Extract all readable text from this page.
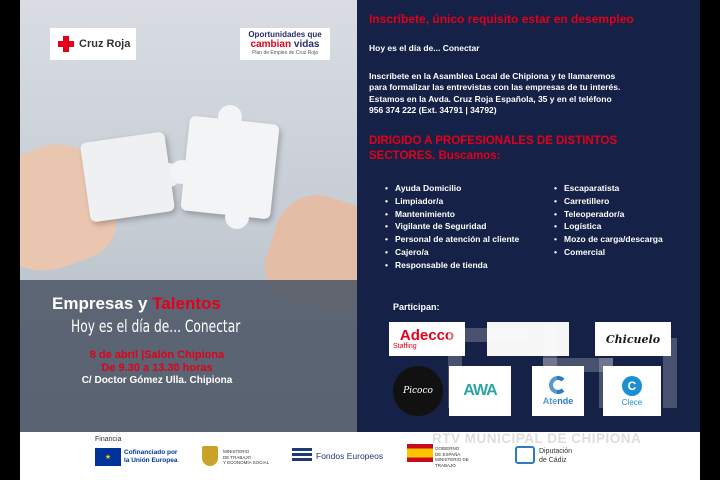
Cruz Roja
Oportunidades que
cambian vidas
Plan de Empleo de Cruz Roja
Empresas y Talentos
Hoy es el día de... Conectar
8 de abril |Salón Chipiona
De 9.30 a 13.30 horas
C/ Doctor Gómez Ulla. Chipiona
Inscríbete, único requisito estar en desempleo
Hoy es el día de... Conectar
Inscríbete en la Asamblea Local de Chipiona y te llamaremos
para formalizar las entrevistas con las empresas de tu interés.
Estamos en la Avda. Cruz Roja Española, 35 y en el teléfono
956 374 222 (Ext. 34791 | 34792)
DIRIGIDO A PROFESIONALES DE DISTINTOS
SECTORES. Buscamos:
• Ayuda Domicilio
• Limpiador/a
• Mantenimiento
• Vigilante de Seguridad
• Personal de atención al cliente
• Cajero/a
• Responsable de tienda
• Escaparatista
• Carretillero
• Teleoperador/a
• Logística
• Mozo de carga/descarga
• Comercial
Participan:
Adecco
Staffing
Chicuelo
Picoco AWA
Atende
C
Clece
Financia
★
Cofinanciado por
la Unión Europea
MINISTERIO
DE TRABAJO
Y ECONOMÍA SOCIAL
Fondos Europeos
GOBIERNO
DE ESPAÑA
MINISTERIO DE TRABAJO
Diputación
de Cádiz
RTV MUNICIPAL DE CHIPIONA
